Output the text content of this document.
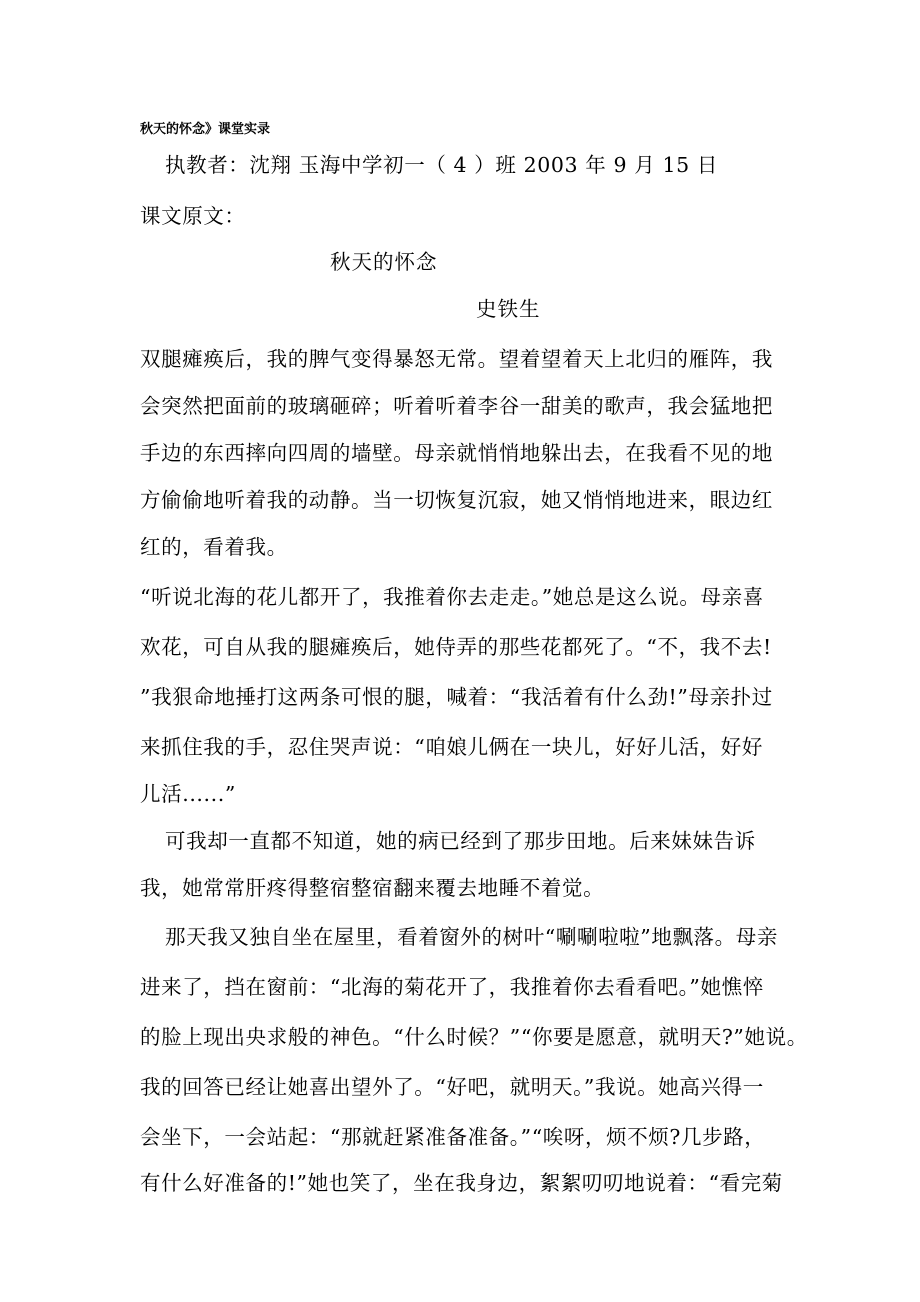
秋天的怀念》课堂实录
执教者：沈翔 玉海中学初一（ 4 ）班 2003 年 9 月 15 日
课文原文：
秋天的怀念
史铁生
双腿瘫痪后，我的脾气变得暴怒无常。望着望着天上北归的雁阵，我
会突然把面前的玻璃砸碎；听着听着李谷一甜美的歌声，我会猛地把
手边的东西摔向四周的墙壁。母亲就悄悄地躲出去，在我看不见的地
方偷偷地听着我的动静。当一切恢复沉寂，她又悄悄地进来，眼边红
红的，看着我。
“听说北海的花儿都开了，我推着你去走走。”她总是这么说。母亲喜
欢花，可自从我的腿瘫痪后，她侍弄的那些花都死了。“不，我不去!
”我狠命地捶打这两条可恨的腿，喊着：“我活着有什么劲!”母亲扑过
来抓住我的手，忍住哭声说：“咱娘儿俩在一块儿，好好儿活，好好
儿活......”
可我却一直都不知道，她的病已经到了那步田地。后来妹妹告诉
我，她常常肝疼得整宿整宿翻来覆去地睡不着觉。
那天我又独自坐在屋里，看着窗外的树叶“唰唰啦啦”地飘落。母亲
进来了，挡在窗前：“北海的菊花开了，我推着你去看看吧。”她憔悴
的脸上现出央求般的神色。“什么时候？”“你要是愿意，就明天?”她说。
我的回答已经让她喜出望外了。“好吧，就明天。”我说。她高兴得一
会坐下，一会站起：“那就赶紧准备准备。”“唉呀，烦不烦?几步路，
有什么好准备的!”她也笑了，坐在我身边，絮絮叨叨地说着：“看完菊
